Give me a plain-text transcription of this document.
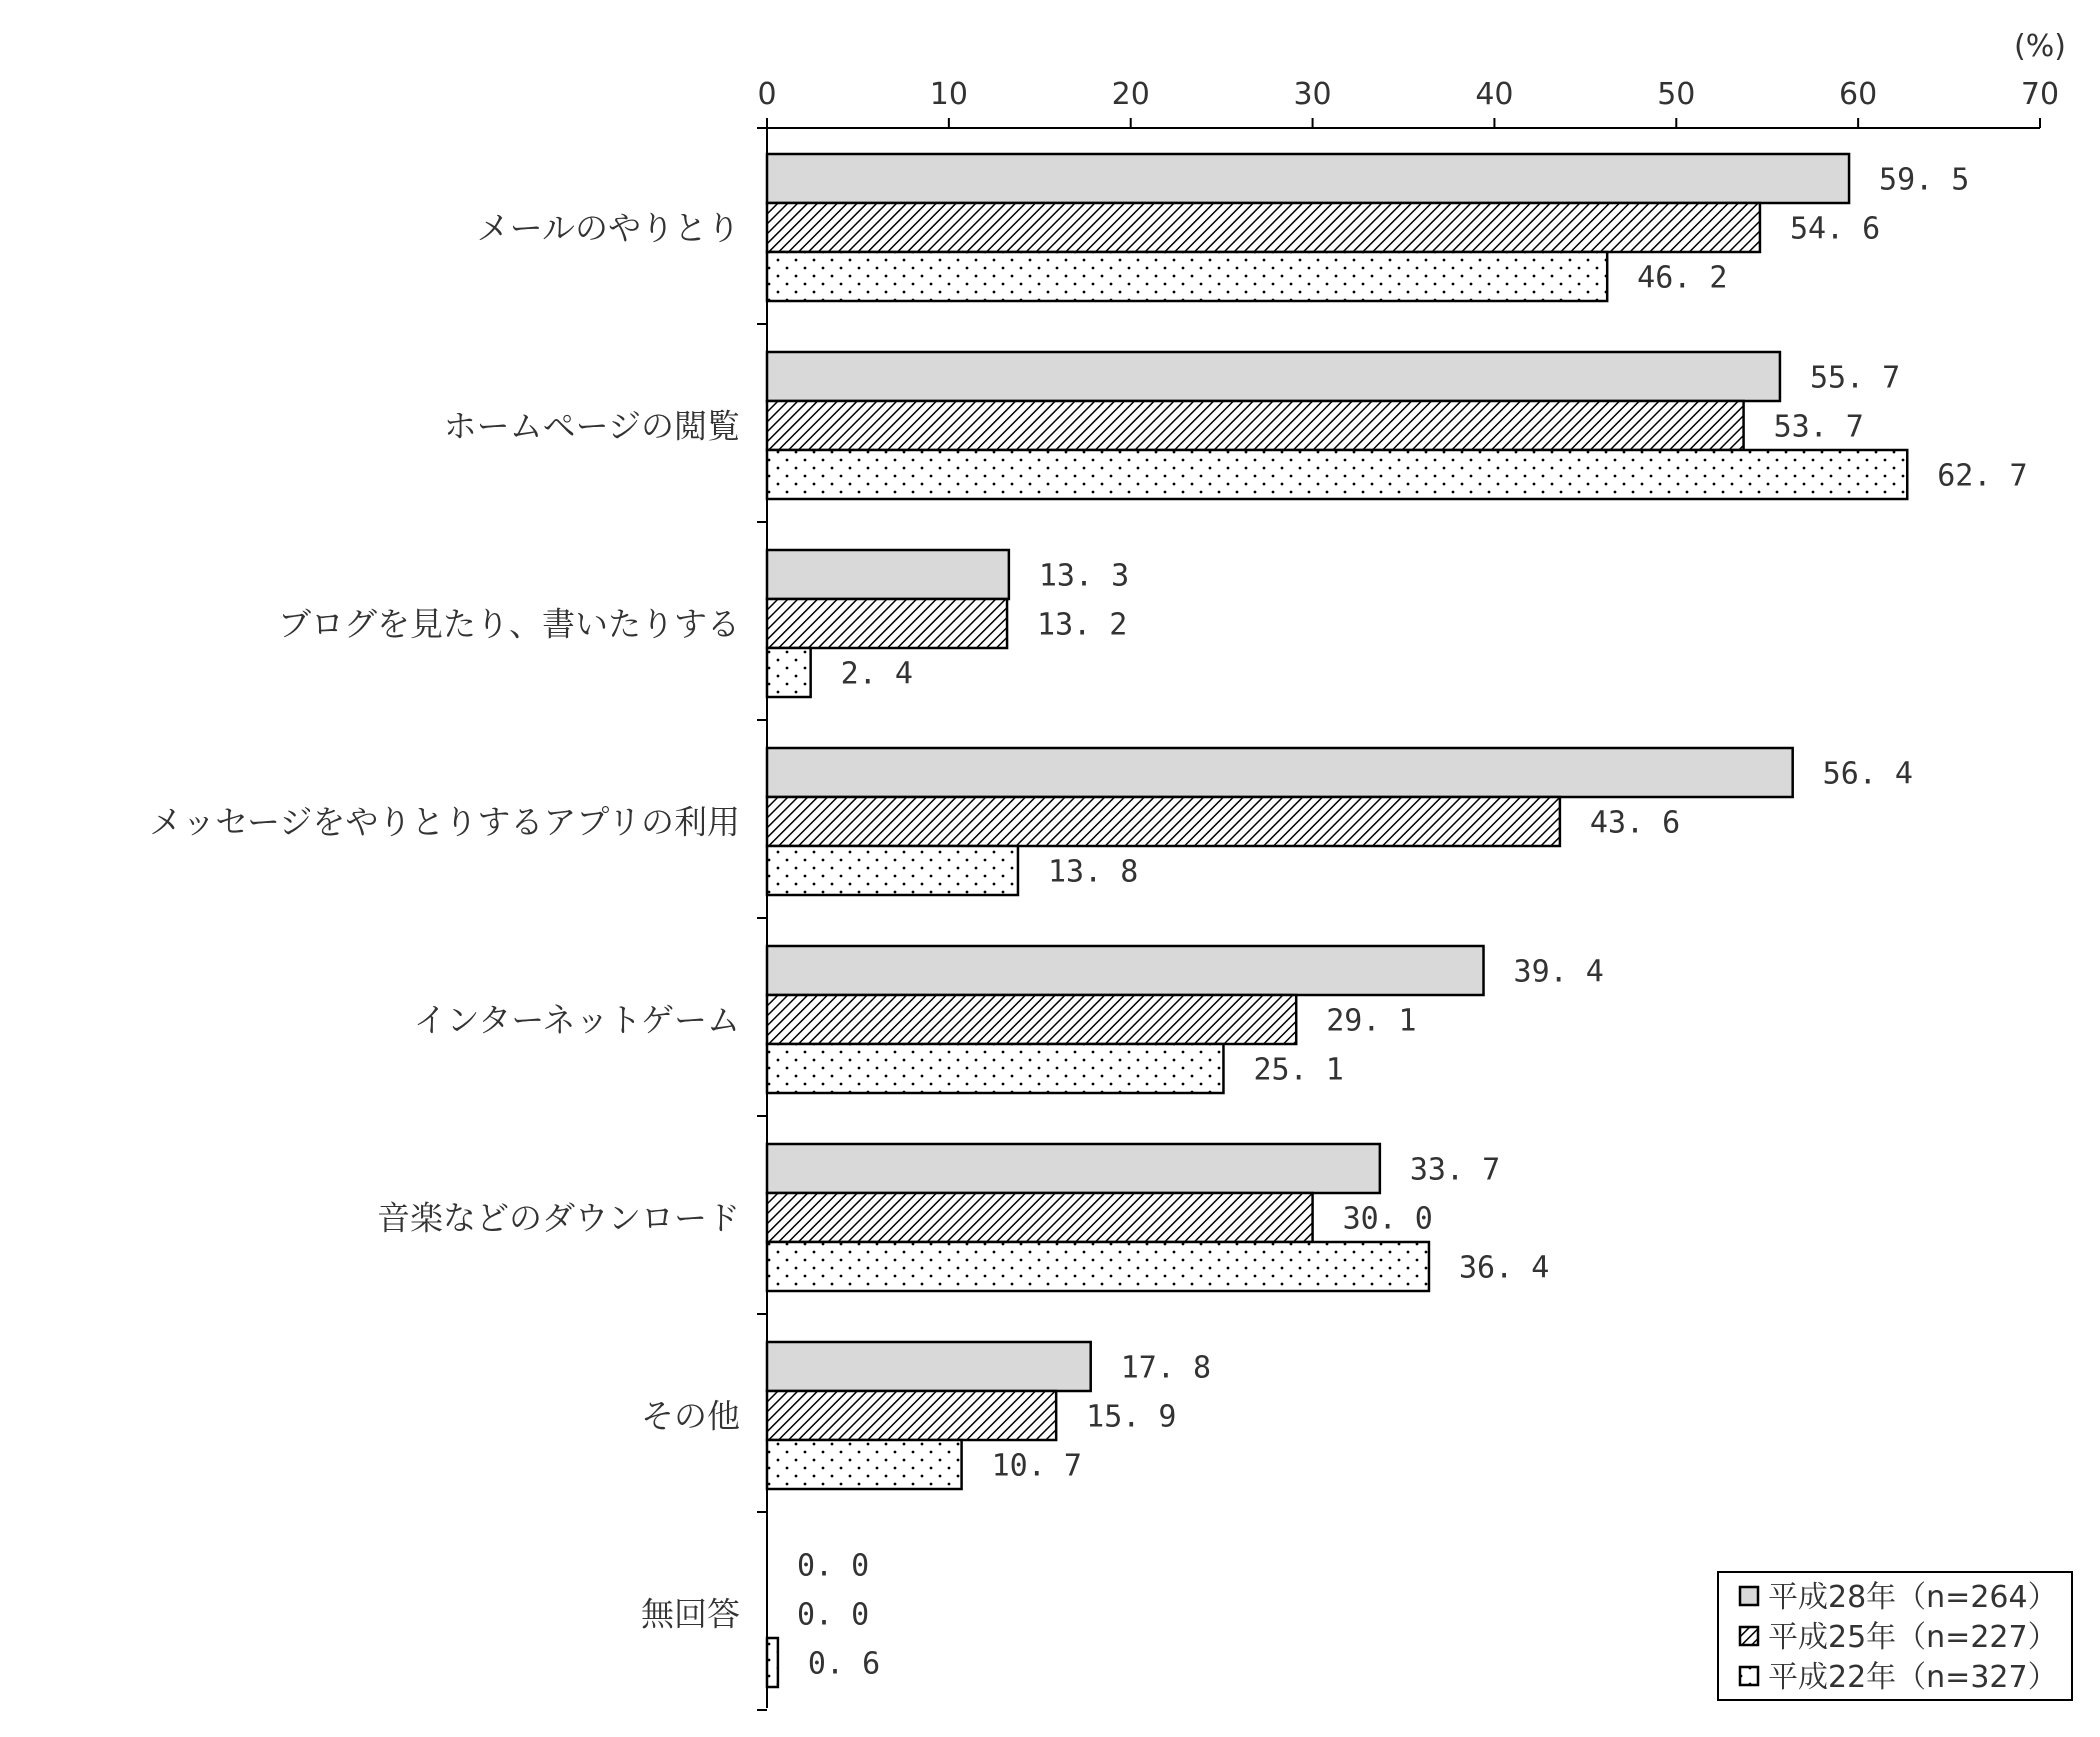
0	10	20	30	40	50	60	70
(%)
メールのやりとり
59. 5
54. 6
46. 2
ホームページの閲覧
55. 7
53. 7
62. 7
ブログを見たり、書いたりする
13. 3
13. 2
2. 4
メッセージをやりとりするアプリの利用
56. 4
43. 6
13. 8
インターネットゲーム
39. 4
29. 1
25. 1
音楽などのダウンロード
33. 7
30. 0
36. 4
その他
17. 8
15. 9
10. 7
無回答
0. 0
0. 0
0. 6
平成28年（n=264）
平成25年（n=227）
平成22年（n=327）
